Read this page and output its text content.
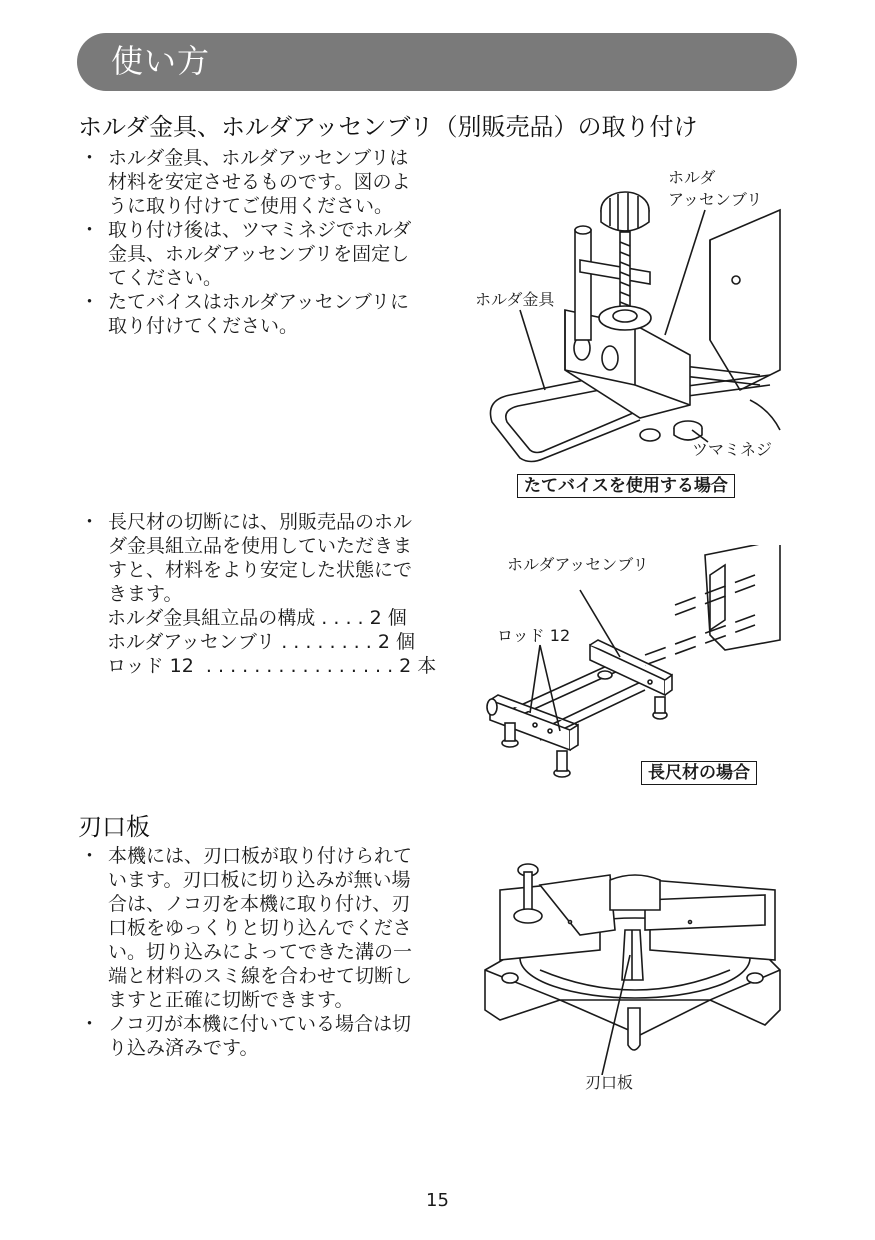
使い方
ホルダ金具、ホルダアッセンブリ（別販売品）の取り付け
・ ホルダ金具、ホルダアッセンブリは
材料を安定させるものです。図のよ
うに取り付けてご使用ください。
・ 取り付け後は、ツマミネジでホルダ
金具、ホルダアッセンブリを固定し
てください。
・ たてバイスはホルダアッセンブリに
取り付けてください。
ホルダ
アッセンブリ
ホルダ金具
ツマミネジ
たてバイスを使用する場合
・ 長尺材の切断には、別販売品のホル
ダ金具組立品を使用していただきま
すと、材料をより安定した状態にで
きます。
ホルダ金具組立品の構成 . . . . 2 個
ホルダアッセンブリ . . . . . . . . 2 個
ロッド 12  . . . . . . . . . . . . . . . . 2 本
ホルダアッセンブリ
ロッド 12
長尺材の場合
刃口板
・ 本機には、刃口板が取り付けられて
います。刃口板に切り込みが無い場
合は、ノコ刃を本機に取り付け、刃
口板をゆっくりと切り込んでくださ
い。切り込みによってできた溝の一
端と材料のスミ線を合わせて切断し
ますと正確に切断できます。
・ ノコ刃が本機に付いている場合は切
り込み済みです。
刃口板
15
